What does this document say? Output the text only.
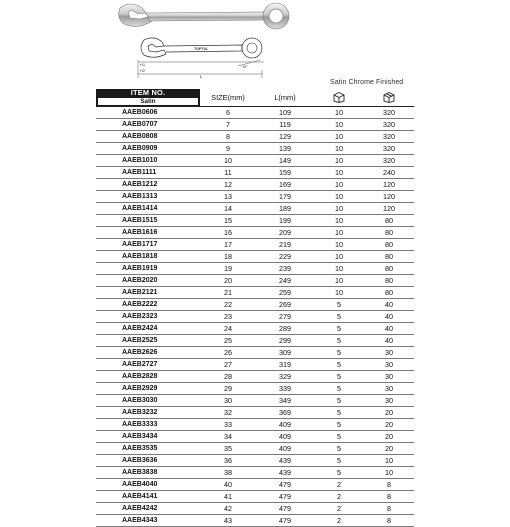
TOPTUL
H1
H2
L
15°
Satin Chrome Finished
ITEM NO.
Satin	SIZE(mm)	L(mm)	

AAEB0606	6	109	10	320
AAEB0707	7	119	10	320
AAEB0808	8	129	10	320
AAEB0909	9	139	10	320
AAEB1010	10	149	10	320
AAEB1111	11	159	10	240
AAEB1212	12	169	10	120
AAEB1313	13	179	10	120
AAEB1414	14	189	10	120
AAEB1515	15	199	10	80
AAEB1616	16	209	10	80
AAEB1717	17	219	10	80
AAEB1818	18	229	10	80
AAEB1919	19	239	10	80
AAEB2020	20	249	10	80
AAEB2121	21	259	10	80
AAEB2222	22	269	5	40
AAEB2323	23	279	5	40
AAEB2424	24	289	5	40
AAEB2525	25	299	5	40
AAEB2626	26	309	5	30
AAEB2727	27	319	5	30
AAEB2828	28	329	5	30
AAEB2929	29	339	5	30
AAEB3030	30	349	5	30
AAEB3232	32	369	5	20
AAEB3333	33	409	5	20
AAEB3434	34	409	5	20
AAEB3535	35	409	5	20
AAEB3636	36	439	5	10
AAEB3838	38	439	5	10
AAEB4040	40	479	2	8
AAEB4141	41	479	2	8
AAEB4242	42	479	2	8
AAEB4343	43	479	2	8
